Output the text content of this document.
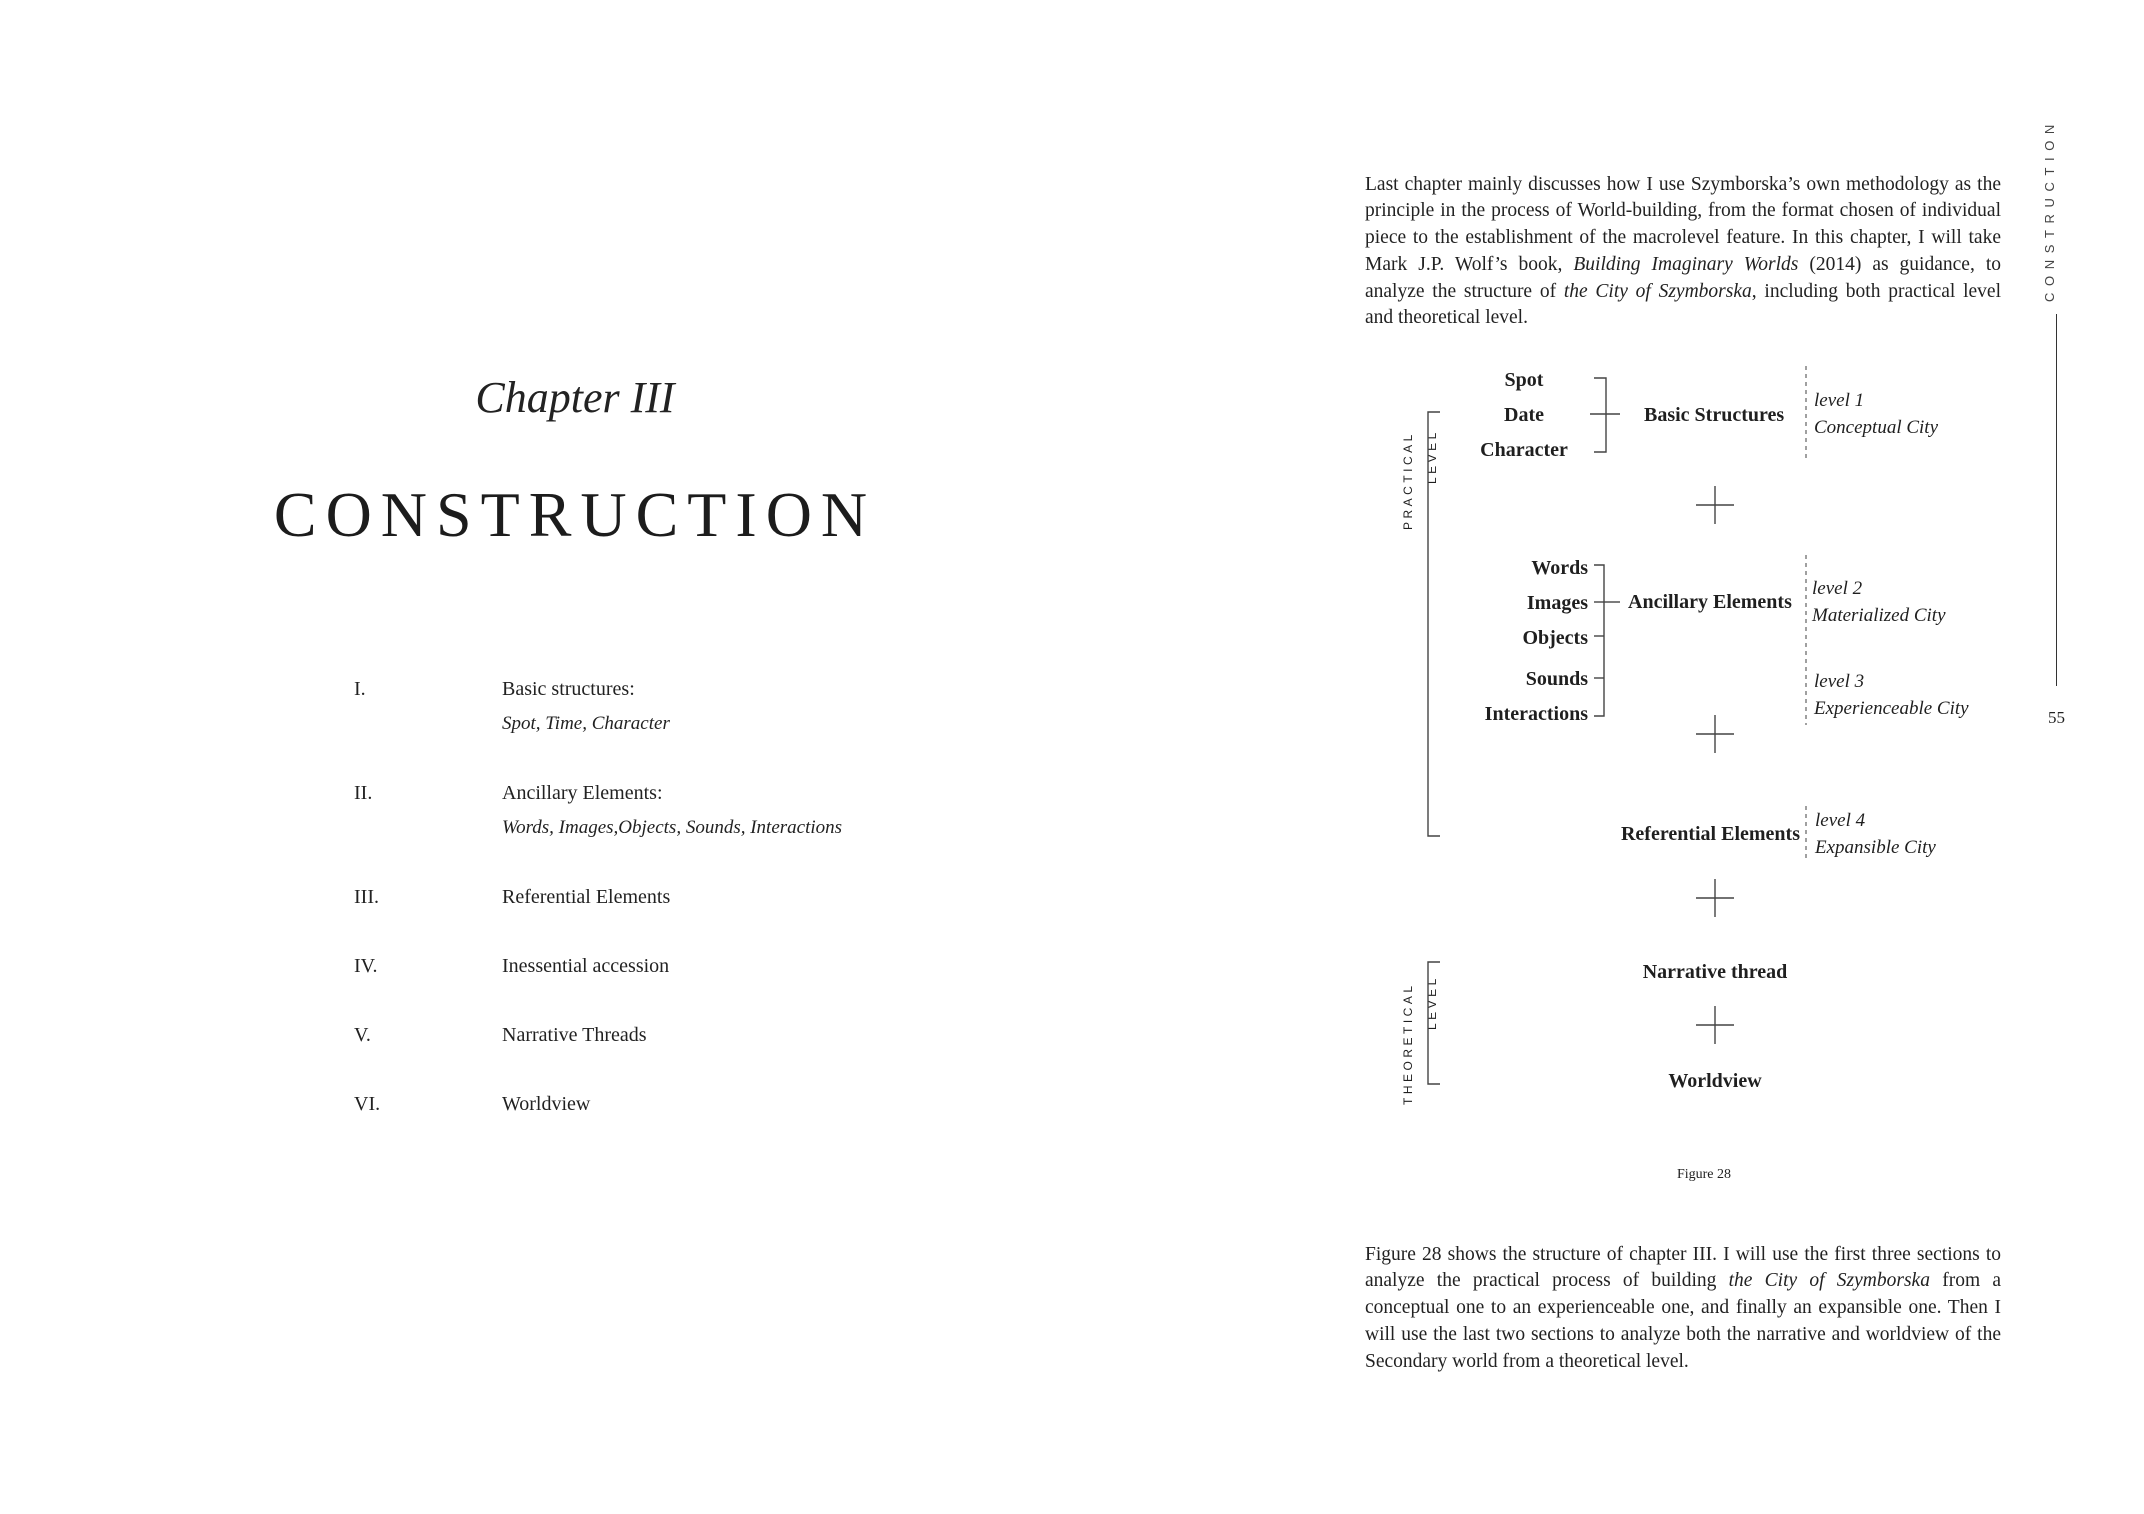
Chapter III
CONSTRUCTION
I.	Basic structures:
Spot, Time, Character
II.	Ancillary Elements:
Words, Images,Objects, Sounds, Interactions
III.	Referential Elements
IV.	Inessential accession
V.	Narrative Threads
VI.	Worldview

Last chapter mainly discusses how I use Szymborska’s own methodology as the principle in the process of World-building, from the format chosen of individual piece to the establishment of the macrolevel feature. In this chapter, I will take Mark J.P. Wolf’s book, Building Imaginary Worlds (2014) as guidance, to analyze the structure of the City of Szymborska, including both practical level and theoretical level.

Figure 28 shows the structure of chapter III. I will use the first three sections to analyze the practical process of building the City of Szymborska from a conceptual one to an experienceable one, and finally an expansible one. Then I will use the last two sections to analyze both the narrative and worldview of the Secondary world from a theoretical level.

CONSTRUCTION
55
PRACTICAL LEVEL
THEORETICAL LEVEL
Spot
Date
Character
Basic Structures
level 1
Conceptual City
Words
Images
Objects
Sounds
Interactions
Ancillary Elements
level 2
Materialized City
level 3
Experienceable City
Referential Elements
level 4
Expansible City
Narrative thread
Worldview
Figure 28
